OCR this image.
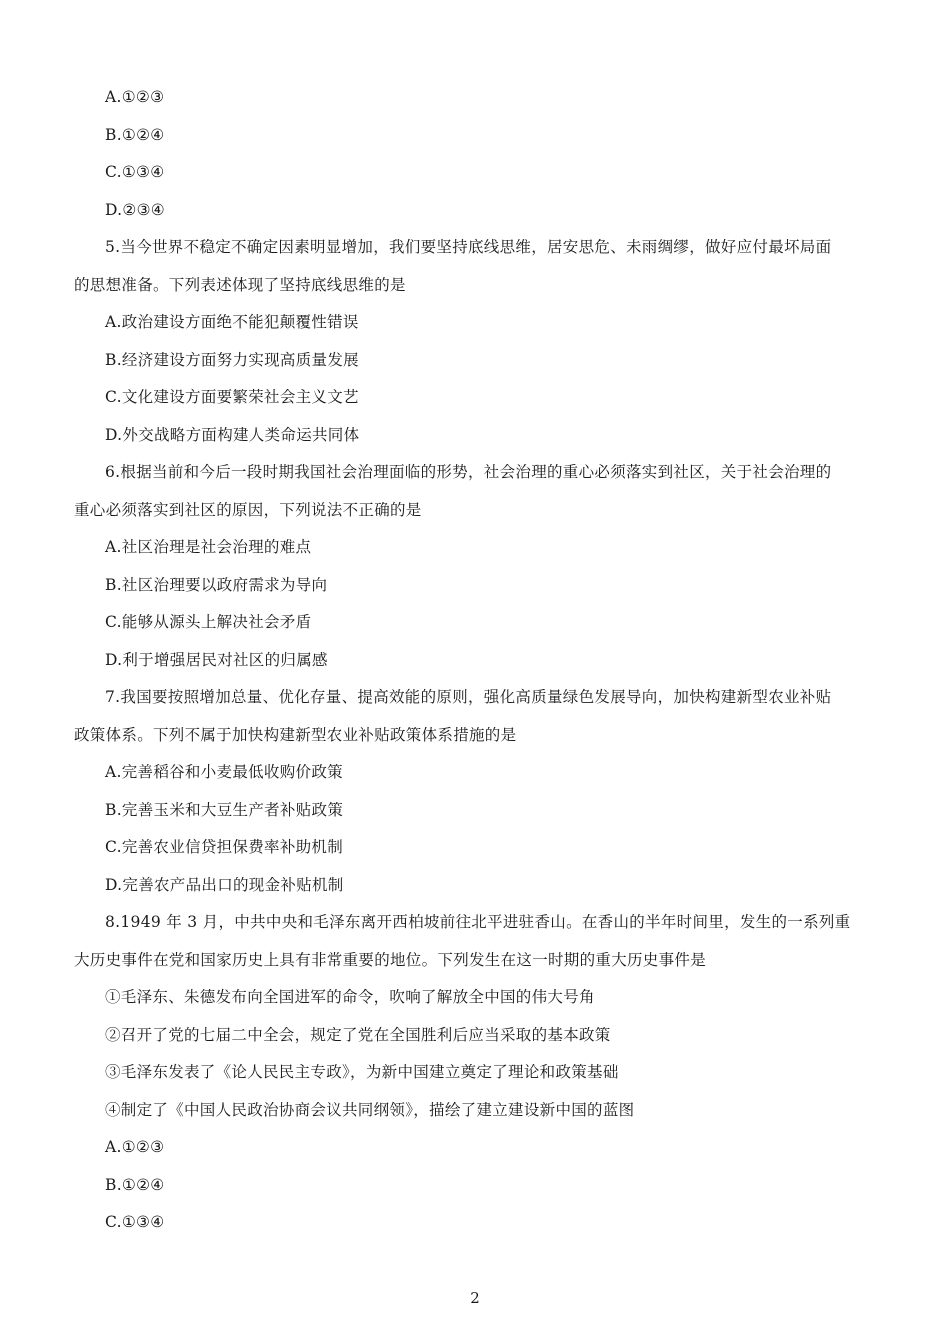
A.①②③
B.①②④
C.①③④
D.②③④
5.当今世界不稳定不确定因素明显增加，我们要坚持底线思维，居安思危、未雨绸缪，做好应付最坏局面
的思想准备。下列表述体现了坚持底线思维的是
A.政治建设方面绝不能犯颠覆性错误
B.经济建设方面努力实现高质量发展
C.文化建设方面要繁荣社会主义文艺
D.外交战略方面构建人类命运共同体
6.根据当前和今后一段时期我国社会治理面临的形势，社会治理的重心必须落实到社区，关于社会治理的
重心必须落实到社区的原因，下列说法不正确的是
A.社区治理是社会治理的难点
B.社区治理要以政府需求为导向
C.能够从源头上解决社会矛盾
D.利于增强居民对社区的归属感
7.我国要按照增加总量、优化存量、提高效能的原则，强化高质量绿色发展导向，加快构建新型农业补贴
政策体系。下列不属于加快构建新型农业补贴政策体系措施的是
A.完善稻谷和小麦最低收购价政策
B.完善玉米和大豆生产者补贴政策
C.完善农业信贷担保费率补助机制
D.完善农产品出口的现金补贴机制
8.1949 年 3 月，中共中央和毛泽东离开西柏坡前往北平进驻香山。在香山的半年时间里，发生的一系列重
大历史事件在党和国家历史上具有非常重要的地位。下列发生在这一时期的重大历史事件是
①毛泽东、朱德发布向全国进军的命令，吹响了解放全中国的伟大号角
②召开了党的七届二中全会，规定了党在全国胜利后应当采取的基本政策
③毛泽东发表了《论人民民主专政》，为新中国建立奠定了理论和政策基础
④制定了《中国人民政治协商会议共同纲领》，描绘了建立建设新中国的蓝图
A.①②③
B.①②④
C.①③④
2
